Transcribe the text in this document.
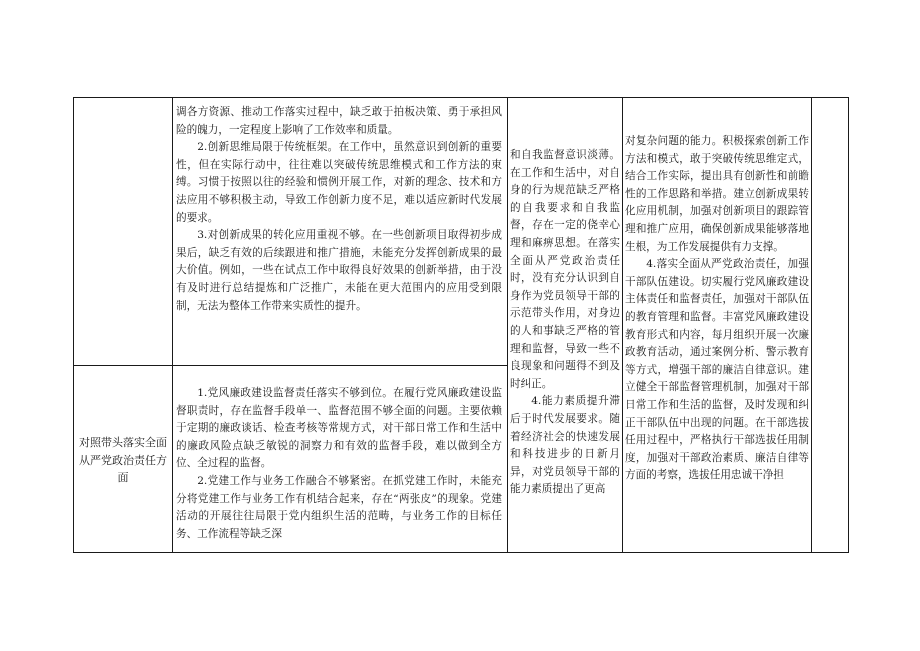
对照带头落实全面从严党政治责任方面

调各方资源、推动工作落实过程中，缺乏敢于拍板决策、勇于承担风险的魄力，一定程度上影响了工作效率和质量。

2.创新思维局限于传统框架。在工作中，虽然意识到创新的重要性，但在实际行动中，往往难以突破传统思维模式和工作方法的束缚。习惯于按照以往的经验和惯例开展工作，对新的理念、技术和方法应用不够积极主动，导致工作创新力度不足，难以适应新时代发展的要求。

3.对创新成果的转化应用重视不够。在一些创新项目取得初步成果后，缺乏有效的后续跟进和推广措施，未能充分发挥创新成果的最大价值。例如，一些在试点工作中取得良好效果的创新举措，由于没有及时进行总结提炼和广泛推广，未能在更大范围内的应用受到限制，无法为整体工作带来实质性的提升。

1.党风廉政建设监督责任落实不够到位。在履行党风廉政建设监督职责时，存在监督手段单一、监督范围不够全面的问题。主要依赖于定期的廉政谈话、检查考核等常规方式，对干部日常工作和生活中的廉政风险点缺乏敏锐的洞察力和有效的监督手段，难以做到全方位、全过程的监督。

2.党建工作与业务工作融合不够紧密。在抓党建工作时，未能充分将党建工作与业务工作有机结合起来，存在“两张皮”的现象。党建活动的开展往往局限于党内组织生活的范畴，与业务工作的目标任务、工作流程等缺乏深

和自我监督意识淡薄。在工作和生活中，对自身的行为规范缺乏严格的自我要求和自我监督，存在一定的侥幸心理和麻痹思想。在落实全面从严党政治责任时，没有充分认识到自身作为党员领导干部的示范带头作用，对身边的人和事缺乏严格的管理和监督，导致一些不良现象和问题得不到及时纠正。

4.能力素质提升滞后于时代发展要求。随着经济社会的快速发展和科技进步的日新月异，对党员领导干部的能力素质提出了更高

对复杂问题的能力。积极探索创新工作方法和模式，敢于突破传统思维定式，结合工作实际，提出具有创新性和前瞻性的工作思路和举措。建立创新成果转化应用机制，加强对创新项目的跟踪管理和推广应用，确保创新成果能够落地生根，为工作发展提供有力支撑。

4.落实全面从严党政治责任，加强干部队伍建设。切实履行党风廉政建设主体责任和监督责任，加强对干部队伍的教育管理和监督。丰富党风廉政建设教育形式和内容，每月组织开展一次廉政教育活动，通过案例分析、警示教育等方式，增强干部的廉洁自律意识。建立健全干部监督管理机制，加强对干部日常工作和生活的监督，及时发现和纠正干部队伍中出现的问题。在干部选拔任用过程中，严格执行干部选拔任用制度，加强对干部政治素质、廉洁自律等方面的考察，选拔任用忠诚干净担
